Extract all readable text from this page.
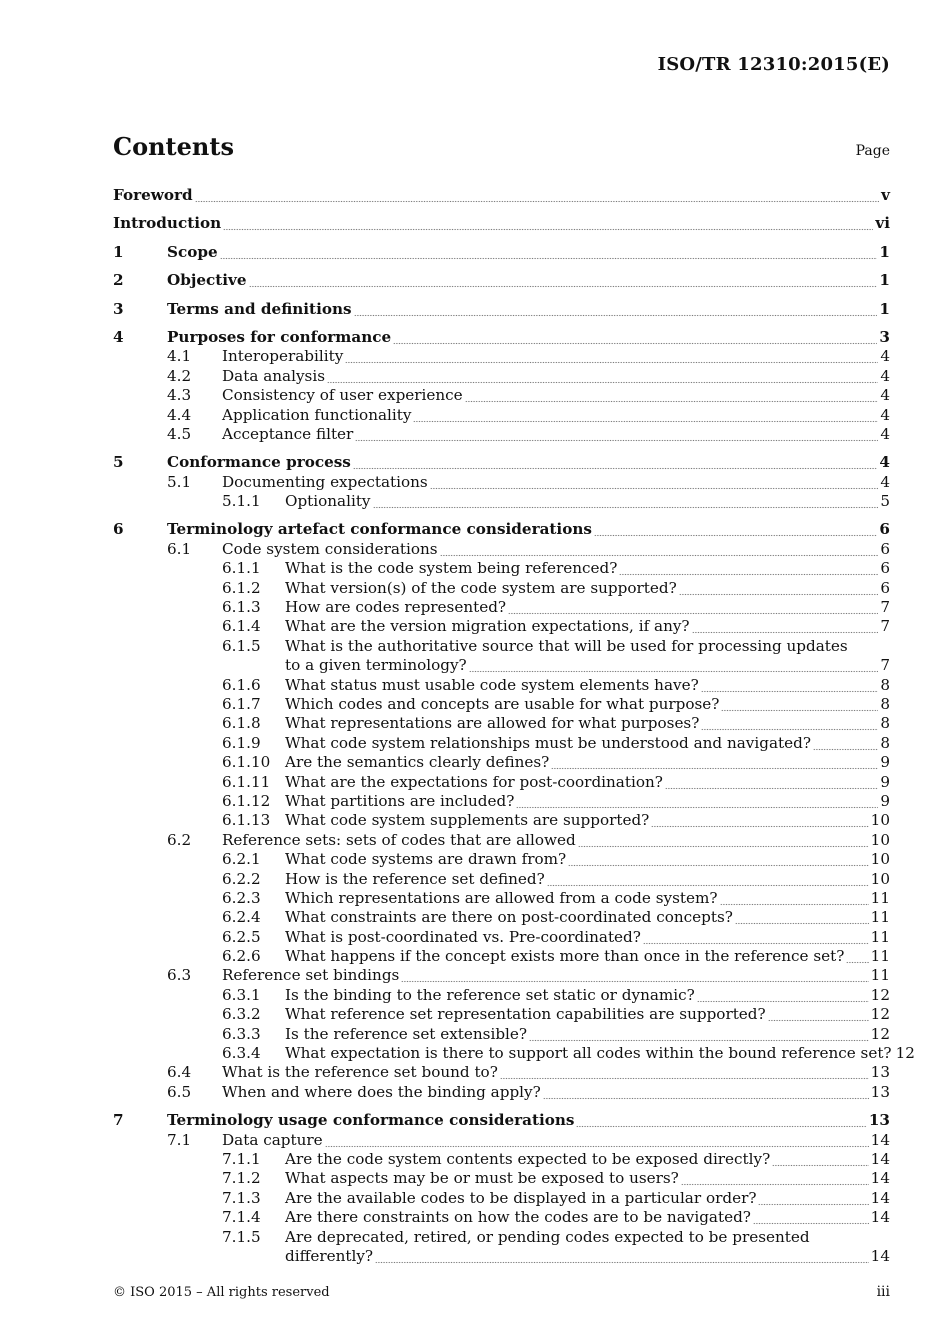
ISO/TR 12310:2015(E)
Contents	Page
Foreword	v
Introduction	vi
1	Scope	1
2	Objective	1
3	Terms and definitions	1
4	Purposes for conformance	3
4.1 Interoperability	4
4.2 Data analysis	4
4.3 Consistency of user experience	4
4.4 Application functionality	4
4.5 Acceptance filter	4
5	Conformance process	4
5.1 Documenting expectations	4
5.1.1 Optionality	5
6	Terminology artefact conformance considerations	6
6.1 Code system considerations	6
6.1.1 What is the code system being referenced?	6
6.1.2 What version(s) of the code system are supported?	6
6.1.3 How are codes represented?	7
6.1.4 What are the version migration expectations, if any?	7
6.1.5 What is the authoritative source that will be used for processing updates
to a given terminology?	7
6.1.6 What status must usable code system elements have?	8
6.1.7 Which codes and concepts are usable for what purpose?	8
6.1.8 What representations are allowed for what purposes?	8
6.1.9 What code system relationships must be understood and navigated?	8
6.1.10 Are the semantics clearly defines?	9
6.1.11 What are the expectations for post-coordination?	9
6.1.12 What partitions are included?	9
6.1.13 What code system supplements are supported?	10
6.2 Reference sets: sets of codes that are allowed	10
6.2.1 What code systems are drawn from?	10
6.2.2 How is the reference set defined?	10
6.2.3 Which representations are allowed from a code system?	11
6.2.4 What constraints are there on post-coordinated concepts?	11
6.2.5 What is post-coordinated vs. Pre-coordinated?	11
6.2.6 What happens if the concept exists more than once in the reference set? 11
6.3 Reference set bindings	11
6.3.1 Is the binding to the reference set static or dynamic?	12
6.3.2 What reference set representation capabilities are supported?	12
6.3.3 Is the reference set extensible?	12
6.3.4 What expectation is there to support all codes within the bound reference set? 12
6.4 What is the reference set bound to?	13
6.5 When and where does the binding apply?	13
7	Terminology usage conformance considerations	13
7.1 Data capture	14
7.1.1 Are the code system contents expected to be exposed directly?	14
7.1.2 What aspects may be or must be exposed to users?	14
7.1.3 Are the available codes to be displayed in a particular order?	14
7.1.4 Are there constraints on how the codes are to be navigated?	14
7.1.5 Are deprecated, retired, or pending codes expected to be presented
differently?	14
© ISO 2015 – All rights reserved	iii
